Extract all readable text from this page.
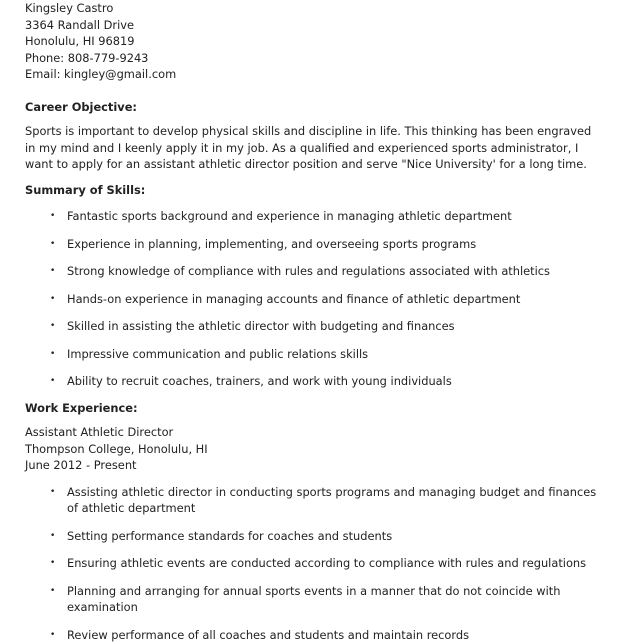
Kingsley Castro
3364 Randall Drive
Honolulu, HI 96819
Phone: 808-779-9243
Email: kingley@gmail.com
Career Objective:

Sports is important to develop physical skills and discipline in life. This thinking has been engraved in my mind and I keenly apply it in my job. As a qualified and experienced sports administrator, I want to apply for an assistant athletic director position and serve "Nice University' for a long time.

Summary of Skills:
• Fantastic sports background and experience in managing athletic department
• Experience in planning, implementing, and overseeing sports programs
• Strong knowledge of compliance with rules and regulations associated with athletics
• Hands-on experience in managing accounts and finance of athletic department
• Skilled in assisting the athletic director with budgeting and finances
• Impressive communication and public relations skills
• Ability to recruit coaches, trainers, and work with young individuals
Work Experience:
Assistant Athletic Director
Thompson College, Honolulu, HI
June 2012 - Present
• Assisting athletic director in conducting sports programs and managing budget and finances of athletic department
• Setting performance standards for coaches and students
• Ensuring athletic events are conducted according to compliance with rules and regulations
• Planning and arranging for annual sports events in a manner that do not coincide with examination
• Review performance of all coaches and students and maintain records
